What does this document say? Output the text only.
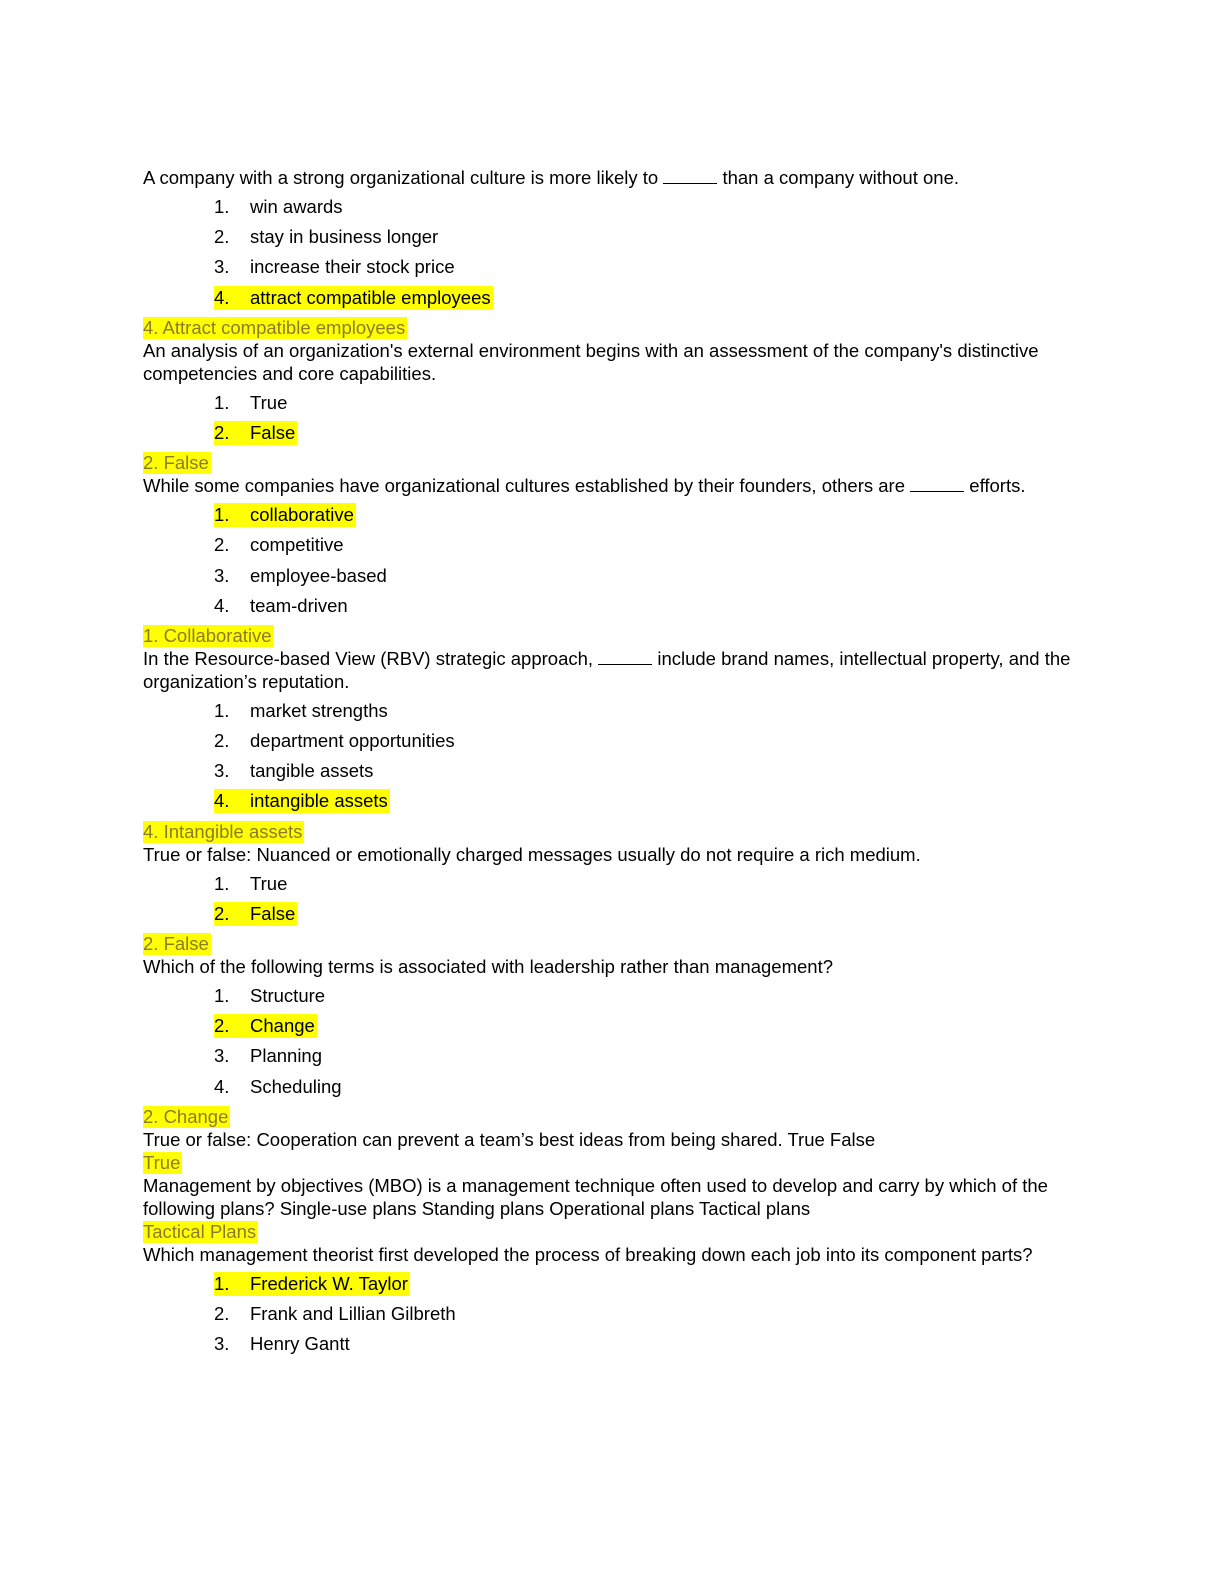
A company with a strong organizational culture is more likely to	than a company without one.
1. win awards
2. stay in business longer
3. increase their stock price
4. attract compatible employees
4. Attract compatible employees
An analysis of an organization's external environment begins with an assessment of the company's distinctive competencies and core capabilities.
1. True
2. False
2. False
While some companies have organizational cultures established by their founders, others are	efforts.
1. collaborative
2. competitive
3. employee-based
4. team-driven
1. Collaborative
In the Resource-based View (RBV) strategic approach,	include brand names, intellectual property, and the organization’s reputation.
1. market strengths
2. department opportunities
3. tangible assets
4. intangible assets
4. Intangible assets
True or false: Nuanced or emotionally charged messages usually do not require a rich medium.
1. True
2. False
2. False
Which of the following terms is associated with leadership rather than management?
1. Structure
2. Change
3. Planning
4. Scheduling
2. Change
True or false: Cooperation can prevent a team’s best ideas from being shared. True False
True
Management by objectives (MBO) is a management technique often used to develop and carry by which of the following plans? Single-use plans Standing plans Operational plans Tactical plans
Tactical Plans
Which management theorist first developed the process of breaking down each job into its component parts?
1. Frederick W. Taylor
2. Frank and Lillian Gilbreth
3. Henry Gantt
